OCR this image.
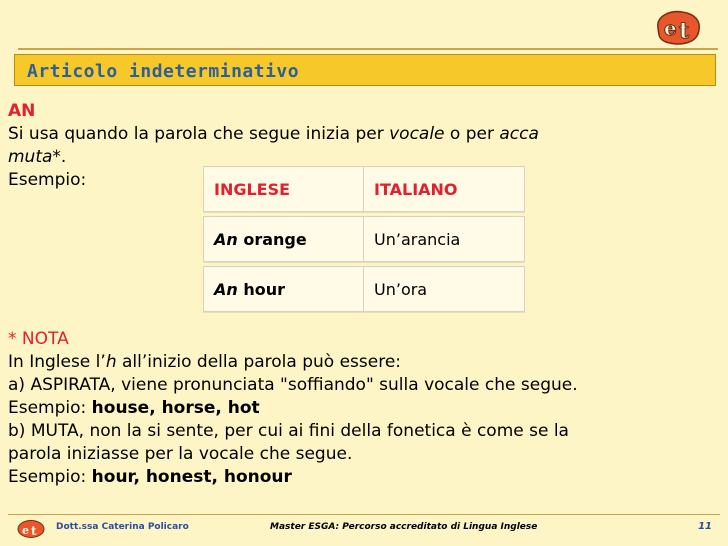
e t
Articolo indeterminativo
AN
Si usa quando la parola che segue inizia per vocale o per acca
muta*.
Esempio:	INGLESE	ITALIANO
An orange	Un’arancia
An hour	Un’ora
* NOTA
In Inglese l’h all’inizio della parola può essere:
a) ASPIRATA, viene pronunciata "soffiando" sulla vocale che segue.
Esempio: house, horse, hot
b) MUTA, non la si sente, per cui ai fini della fonetica è come se la
parola iniziasse per la vocale che segue.
Esempio: hour, honest, honour
e t Dott.ssa Caterina Policaro	Master ESGA: Percorso accreditato di Lingua Inglese	11
